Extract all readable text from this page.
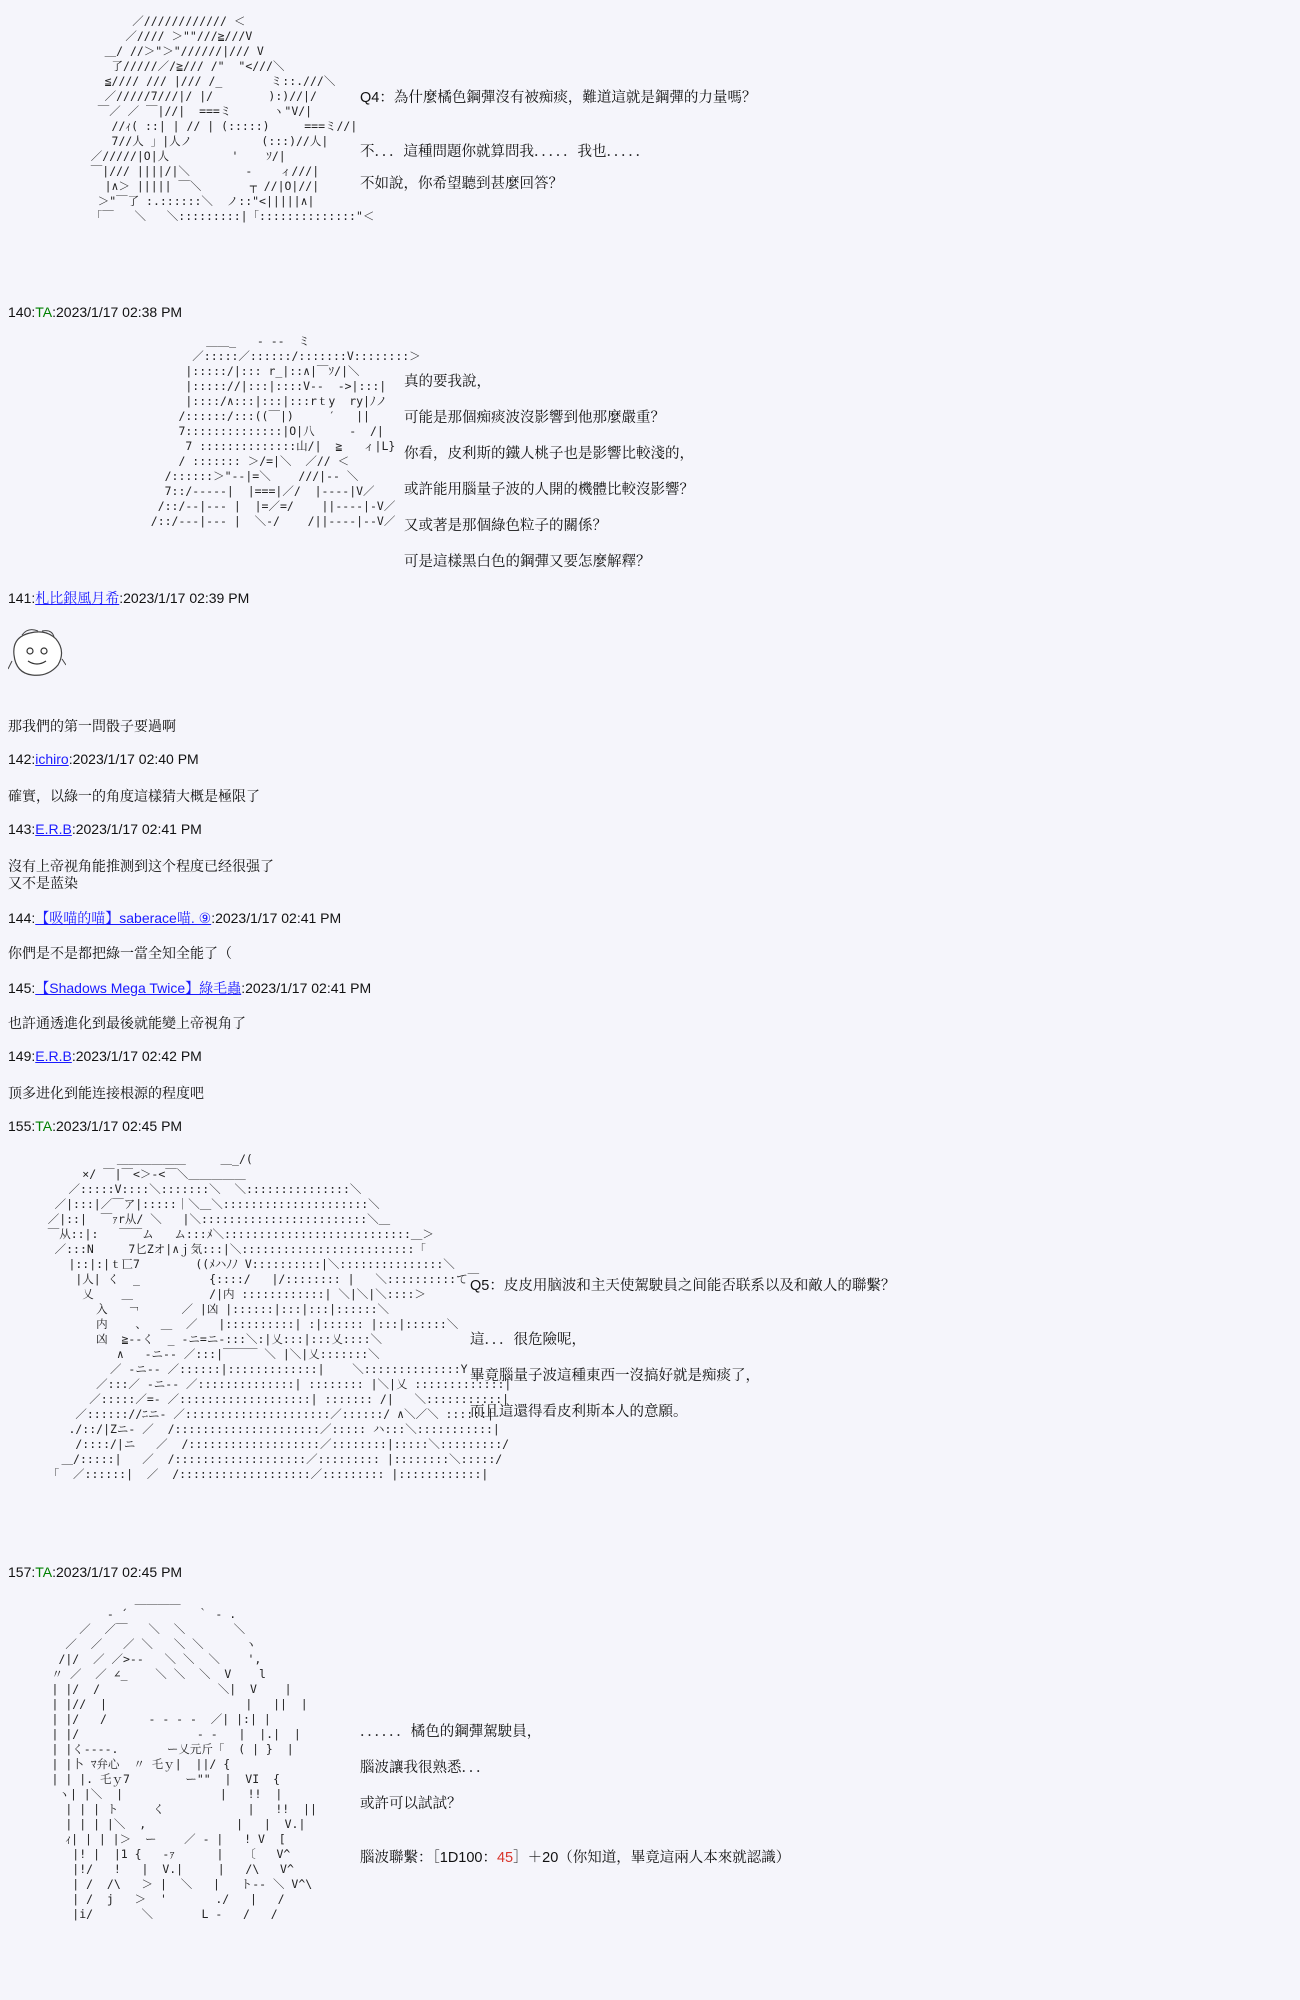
／//////////// ＜
／//// ＞""///≧///V
＿/ //＞"＞"//////|/// V
了/////／/≧/// /"  "<///＼
≦//// /// |/// /_       ミ::.///＼
／/////7///|/ |/        ):)//|/
￣／ ／ ￣|//|  ===ミ      ヽ"V/|
//ｨ( ::| | // | (:::::)     ===ミ//|
7//人 」|人ノ          (:::)//人|
／/////|O|人         '    ｿ/|
￣|/// ||||/|＼        ‐    ィ///|
|∧＞ ||||| ￣＼       ┬ //|O|//|
＞"￣了 :.::::::＼  ノ::"<|||||∧|
「￣   ＼   ＼:::::::::|「::::::::::::::"＜
Q4：為什麼橘色鋼彈沒有被痴痰，難道這就是鋼彈的力量嗎？
不．．．這種問題你就算問我．．．．．我也．．．．．
不如說，你希望聽到甚麼回答？
140:TA:2023/1/17 02:38 PM
＿＿_   - ‐‐  ミ
／:::::／::::::/:::::::V::::::::＞
|:::::/|::: r_|::∧|￣ｿ/|＼
|::::://|:::|::::V‐‐  ‐>|:::|
|::::/∧:::|:::|:::rｔy  ry|ﾉノ
/::::::/:::((￣|)     ′   ||
7::::::::::::::|O|八     ‐  /|
7 ::::::::::::::山/|  ≧   ィ|L}
/ ::::::: ＞/=|＼  ／// ＜
/::::::＞"‐‐|=＼    ///|‐‐ ＼
7::/‐‐‐‐‐|  |===|／/  |‐‐‐‐|V／
/::/‐‐|‐‐‐ |  |=／=/    ||‐‐‐‐|‐V／
/::/‐‐‐|‐‐‐ |  ＼‐/    /||‐‐‐‐|‐‐V／
真的要我說，
可能是那個痴痰波沒影響到他那麼嚴重？
你看，皮利斯的鐵人桃子也是影響比較淺的，
或許能用腦量子波的人開的機體比較沒影響？
又或著是那個綠色粒子的關係？
可是這樣黑白色的鋼彈又要怎麼解釋？
141:札比銀風月希:2023/1/17 02:39 PM
那我們的第一問骰子要過啊
142:ichiro:2023/1/17 02:40 PM
確實，以綠一的角度這樣猜大概是極限了
143:E.R.B:2023/1/17 02:41 PM
沒有上帝视角能推测到这个程度已经很强了
又不是蓝染
144:【吸喵的喵】saberace喵. ⑨:2023/1/17 02:41 PM
你們是不是都把綠一當全知全能了（
145:【Shadows Mega Twice】綠毛蟲:2023/1/17 02:41 PM
也許通透進化到最後就能變上帝視角了
149:E.R.B:2023/1/17 02:42 PM
顶多进化到能连接根源的程度吧
155:TA:2023/1/17 02:45 PM
＿＿＿＿＿＿     ＿_/(
×/ ￣|￣<＞‐<￣＼＿＿＿＿＿
／:::::V::::＼:::::::＼  ＼:::::::::::::::＼
／|:::|／￣ア|:::::｜＼＿＼:::::::::::::::::::::＼
／|::|  ￣ｧr从/ ＼   |＼::::::::::::::::::::::::＼＿
￣从::|:   ￣￣ム   ム:::ﾒ＼:::::::::::::::::::::::::::＿＞
／:::N     7匕Zオ|∧ｊ気:::|＼:::::::::::::::::::::::::「
|::|:|ｔ匸7        ((ﾒハﾉﾉ V::::::::::|＼:::::::::::::::＼
|人| く  _          {::::/   |/:::::::: |   ＼::::::::::て￣
乂    ＿           /|内 ::::::::::::| ＼|＼|＼::::＞
入   ￢      ／ |凶 |::::::|:::|:::|::::::＼
内    、  ＿  ／   |::::::::::| :|:::::: |:::|::::::＼
凶  ≧‐‐く  _ -ニ=ニ-:::＼:|乂:::|:::乂::::＼
∧   ‐ニ-‐ ／:::|￣￣￣ ＼ |＼|乂:::::::＼
／ ‐ニ-‐ ／::::::|:::::::::::::|    ＼::::::::::::::Y
／:::／ ‐ニ-‐ ／::::::::::::::| :::::::: |＼|乂 :::::::::::::|
／:::::／=‐ ／:::::::::::::::::::| ::::::: /|   ＼:::::::::::|
／:::::://ﾆニ‐ ／:::::::::::::::::::::／::::::/ ∧＼／＼ ::::::|
./::/|Zニ‐ ／  /:::::::::::::::::::::／::::: ハ:::＼:::::::::::|
/::::/|ニ   ／  /:::::::::::::::::::／::::::::|:::::＼:::::::::/
＿/:::::|   ／  /:::::::::::::::::::／::::::::: |::::::::＼:::::/
「  ／::::::|  ／  /:::::::::::::::::::／::::::::: |::::::::::::|
Q5：皮皮用脑波和主天使駕駛員之间能否联系以及和敵人的聯繫？
這．．．很危險呢，
畢竟腦量子波這種東西一沒搞好就是痴痰了，
而且這還得看皮利斯本人的意願。
157:TA:2023/1/17 02:45 PM
＿＿＿＿
‐ ´          ｀ ‐ .
／  ／￣   ＼  ＼       ＼
／  ／   ／ ＼   ＼ ＼      ヽ
/|/  ／ ／>‐‐   ＼ ＼  ＼    ',
〃 ／  ／ ∠_    ＼ ＼  ＼  V    l
| |/  /                 ＼|  V    |
| |//  |                    |   ||  |
| |/   /      ‐ ‐ ‐ ‐  ／| |:| |
| |/                 ‐ ‐   |  |.|  |
| |く‐‐‐‐.       ー乂元斤「  ( | }  |
| |卜 ﾏ弁心  〃 乇ｙ|  ||/ {
| | |. 乇ｙ7        ー""  |  VI  {
ヽ| |＼  |              |   !!  |
| | | ト     く            |   !!  ||
| | | |＼  ,             |   |  V.|
ｨ| | | |＞  ー    ／ ‐ |   ! V  [
|! |  |1 {   ‐ｧ      |   〔   V^
|!/   !   |  V.|     |   /\   V^
| /  /\   ＞ |  ＼   |   ト‐‐ ＼ V^\
| /  j   ＞  '       ./   |   /
|i/       ＼       L ‐   /   /
．．．．．．橘色的鋼彈駕駛員，
腦波讓我很熟悉．．．
或許可以試試？
腦波聯繫：［1D100：45］＋20（你知道，畢竟這兩人本來就認識）
